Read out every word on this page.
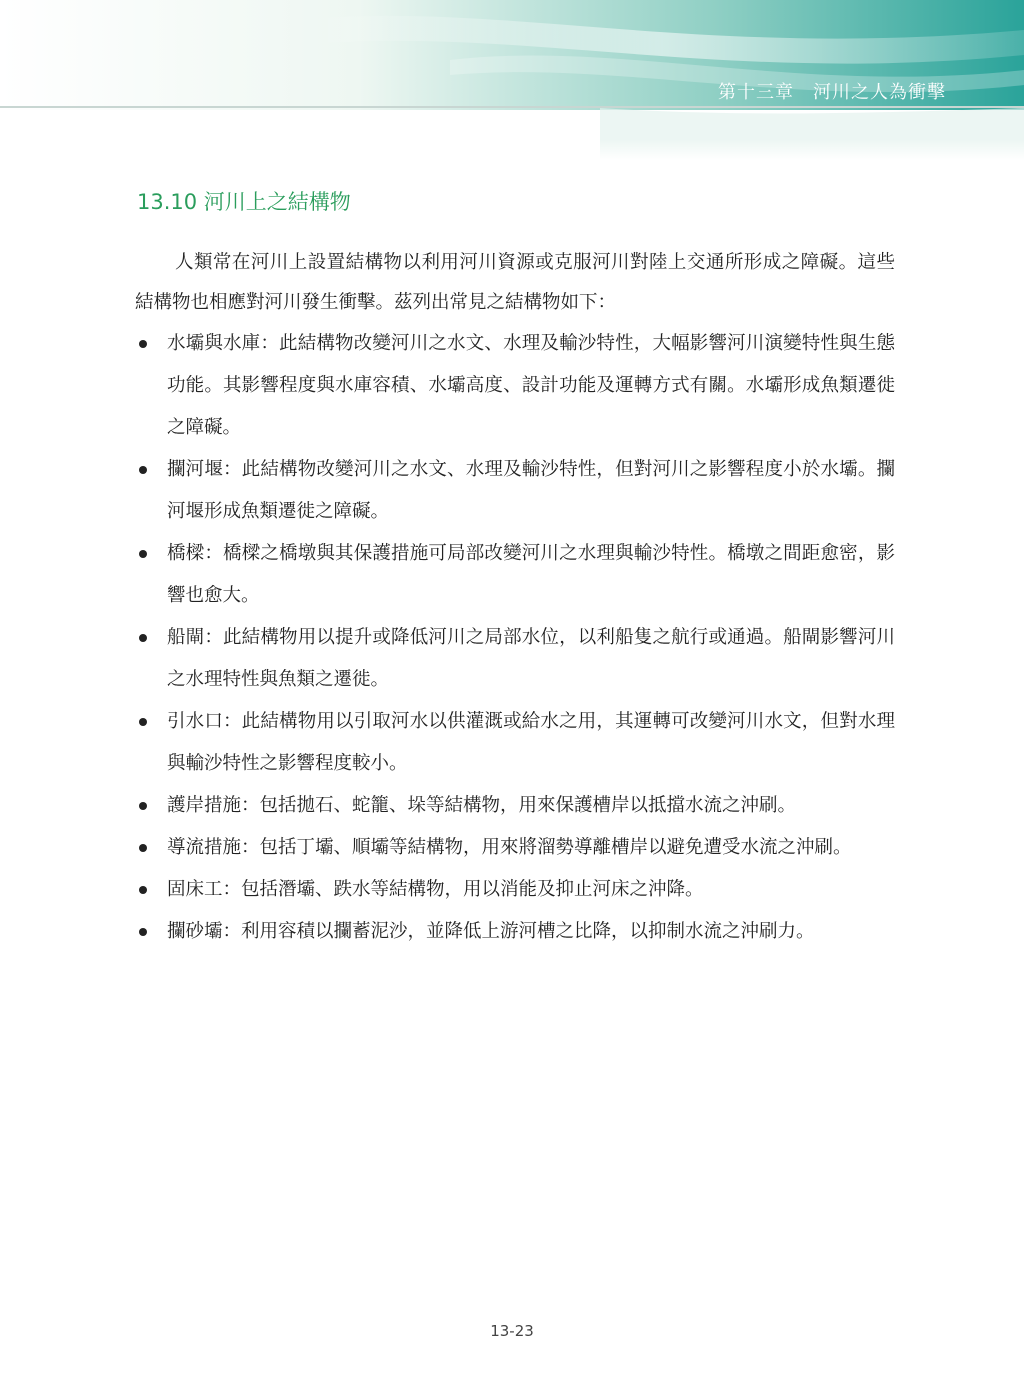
第十三章　河川之人為衝擊
13.10 河川上之結構物

人類常在河川上設置結構物以利用河川資源或克服河川對陸上交通所形成之障礙。這些結構物也相應對河川發生衝擊。茲列出常見之結構物如下：

水壩與水庫：此結構物改變河川之水文、水理及輸沙特性，大幅影響河川演變特性與生態功能。其影響程度與水庫容積、水壩高度、設計功能及運轉方式有關。水壩形成魚類遷徙之障礙。
攔河堰：此結構物改變河川之水文、水理及輸沙特性，但對河川之影響程度小於水壩。攔河堰形成魚類遷徙之障礙。
橋樑：橋樑之橋墩與其保護措施可局部改變河川之水理與輸沙特性。橋墩之間距愈密，影響也愈大。
船閘：此結構物用以提升或降低河川之局部水位，以利船隻之航行或通過。船閘影響河川之水理特性與魚類之遷徙。
引水口：此結構物用以引取河水以供灌溉或給水之用，其運轉可改變河川水文，但對水理與輸沙特性之影響程度較小。
護岸措施：包括拋石、蛇籠、垛等結構物，用來保護槽岸以抵擋水流之沖刷。
導流措施：包括丁壩、順壩等結構物，用來將溜勢導離槽岸以避免遭受水流之沖刷。
固床工：包括潛壩、跌水等結構物，用以消能及抑止河床之沖降。
攔砂壩：利用容積以攔蓄泥沙，並降低上游河槽之比降，以抑制水流之沖刷力。
13-23
